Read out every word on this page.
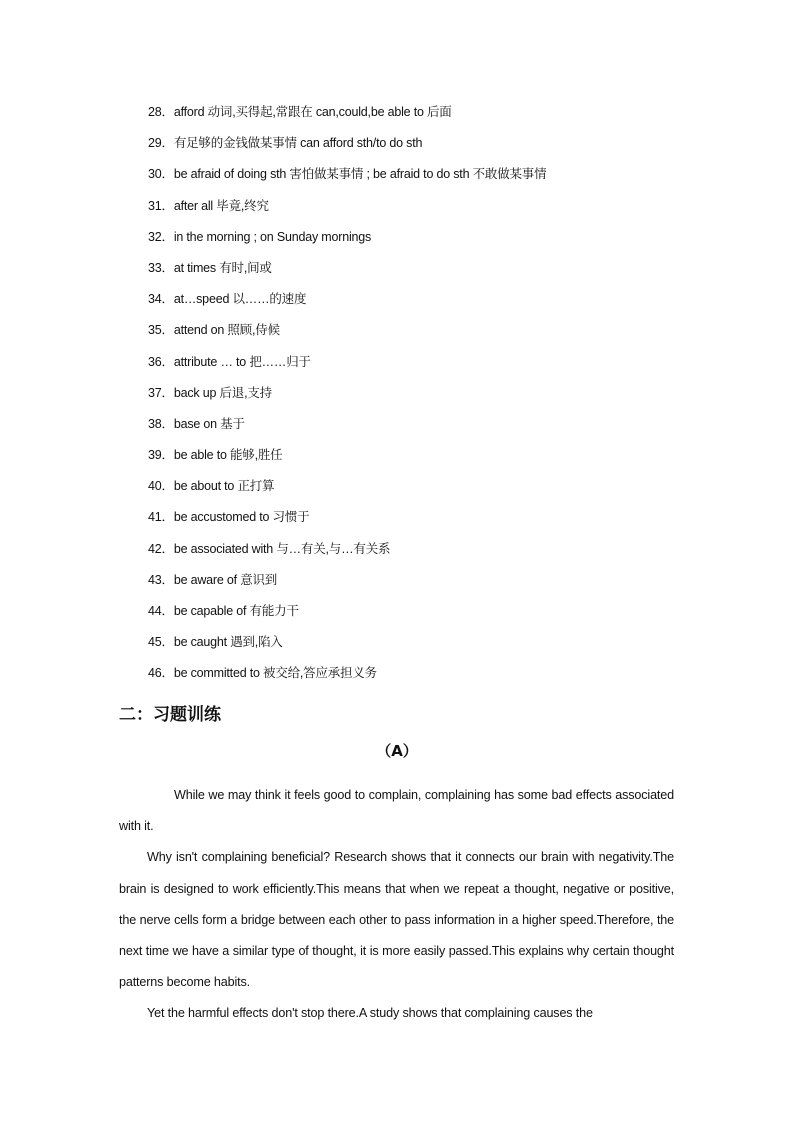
28．afford 动词,买得起,常跟在 can,could,be able to 后面
29．有足够的金钱做某事情 can afford sth/to do sth
30．be afraid of doing sth 害怕做某事情 ; be afraid to do sth 不敢做某事情
31．after all 毕竟,终究
32．in the morning ; on Sunday mornings
33．at times 有时,间或
34．at…speed 以……的速度
35．attend on 照顾,侍候
36．attribute … to 把……归于
37．back up 后退,支持
38．base on 基于
39．be able to 能够,胜任
40．be about to 正打算
41．be accustomed to 习惯于
42．be associated with 与…有关,与…有关系
43．be aware of 意识到
44．be capable of 有能力干
45．be caught 遇到,陷入
46．be committed to 被交给,答应承担义务
二：习题训练
（A）

While we may think it feels good to complain, complaining has some bad effects associated with it.

Why isn't complaining beneficial? Research shows that it connects our brain with negativity.The brain is designed to work efficiently.This means that when we repeat a thought, negative or positive, the nerve cells form a bridge between each other to pass information in a higher speed.Therefore, the next time we have a similar type of thought, it is more easily passed.This explains why certain thought patterns become habits.

Yet the harmful effects don't stop there.A study shows that complaining causes the
